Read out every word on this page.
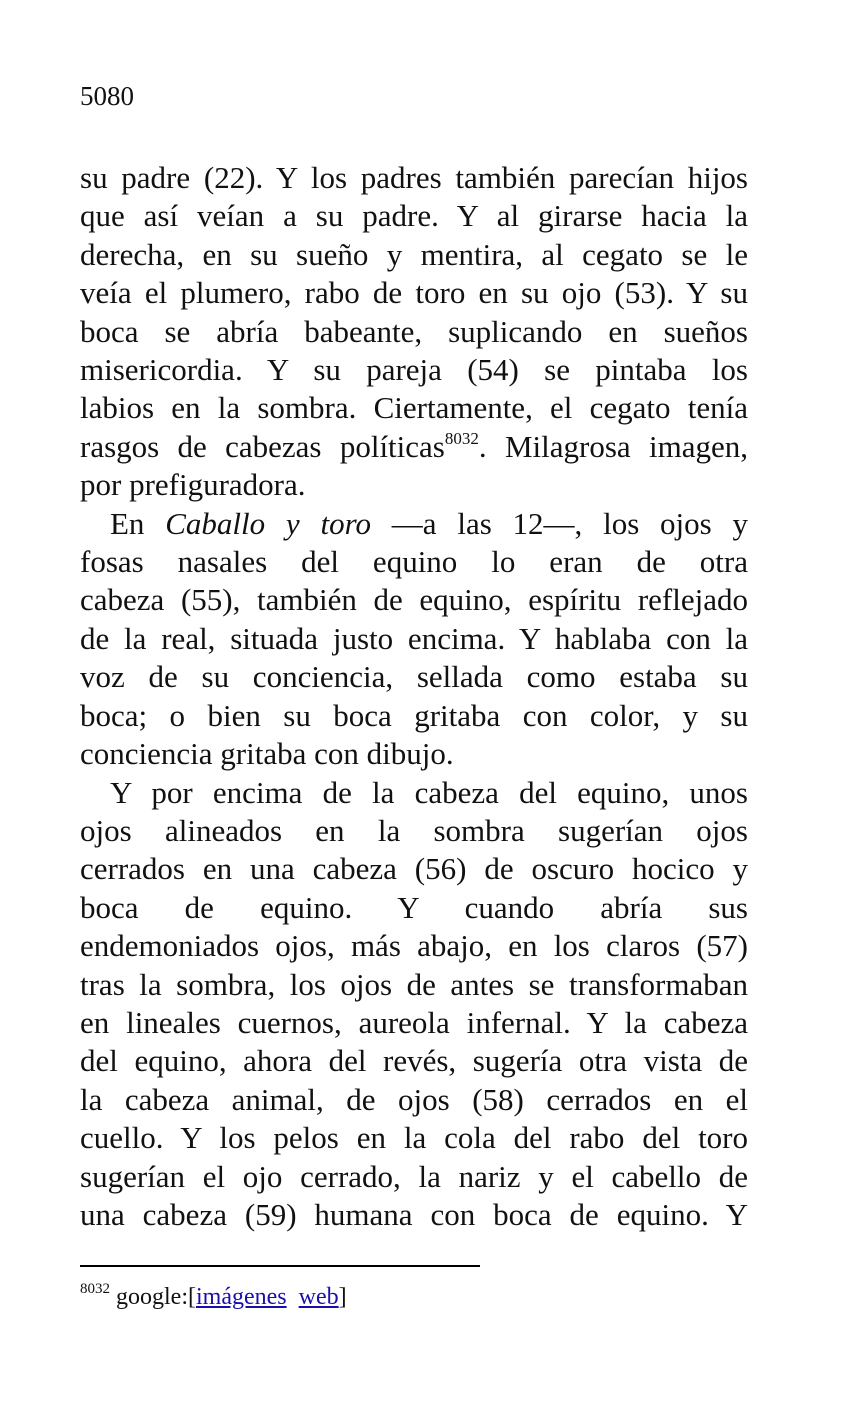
5080
su padre (22). Y los padres también parecían hijos
que así veían a su padre. Y al girarse hacia la
derecha, en su sueño y mentira, al cegato se le
veía el plumero, rabo de toro en su ojo (53). Y su
boca se abría babeante, suplicando en sueños
misericordia. Y su pareja (54) se pintaba los
labios en la sombra. Ciertamente, el cegato tenía
rasgos de cabezas políticas$^{8032}$. Milagrosa imagen,
por prefiguradora.
En Caballo y toro —a las 12—, los ojos y
fosas nasales del equino lo eran de otra
cabeza (55), también de equino, espíritu reflejado
de la real, situada justo encima. Y hablaba con la
voz de su conciencia, sellada como estaba su
boca; o bien su boca gritaba con color, y su
conciencia gritaba con dibujo.
Y por encima de la cabeza del equino, unos
ojos alineados en la sombra sugerían ojos
cerrados en una cabeza (56) de oscuro hocico y
boca de equino. Y cuando abría sus
endemoniados ojos, más abajo, en los claros (57)
tras la sombra, los ojos de antes se transformaban
en lineales cuernos, aureola infernal. Y la cabeza
del equino, ahora del revés, sugería otra vista de
la cabeza animal, de ojos (58) cerrados en el
cuello. Y los pelos en la cola del rabo del toro
sugerían el ojo cerrado, la nariz y el cabello de
una cabeza (59) humana con boca de equino. Y
$^{8032}$ google:[imágenes web]
